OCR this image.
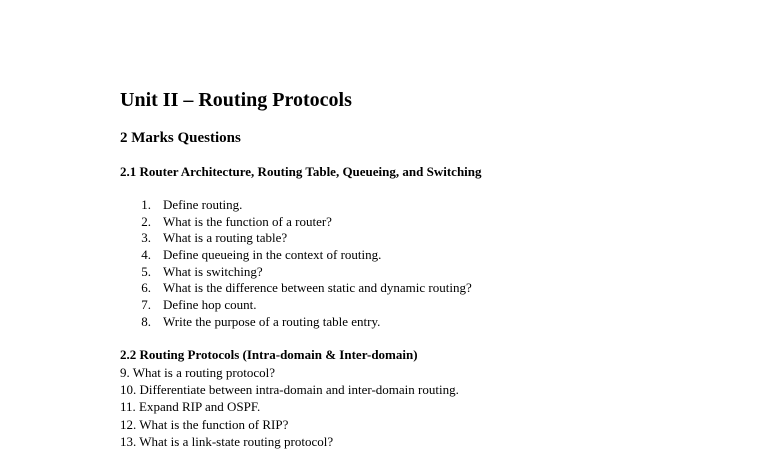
Unit II – Routing Protocols
2 Marks Questions
2.1 Router Architecture, Routing Table, Queueing, and Switching
1. Define routing.
2. What is the function of a router?
3. What is a routing table?
4. Define queueing in the context of routing.
5. What is switching?
6. What is the difference between static and dynamic routing?
7. Define hop count.
8. Write the purpose of a routing table entry.
2.2 Routing Protocols (Intra-domain & Inter-domain)
9. What is a routing protocol?
10. Differentiate between intra-domain and inter-domain routing.
11. Expand RIP and OSPF.
12. What is the function of RIP?
13. What is a link-state routing protocol?
